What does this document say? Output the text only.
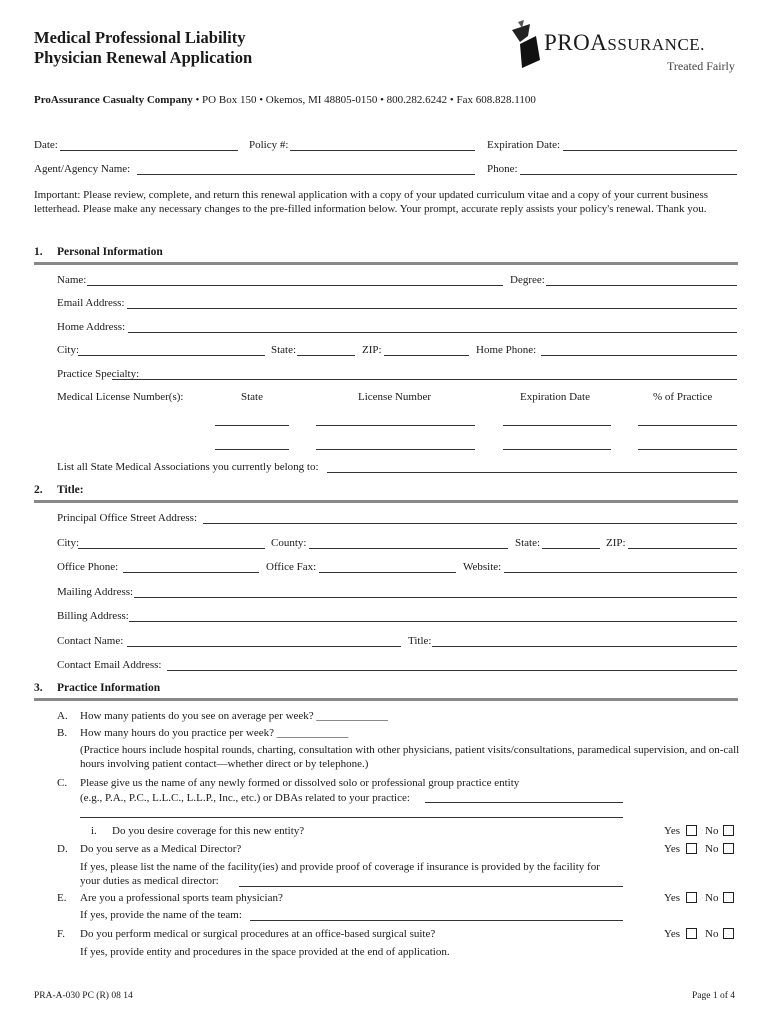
Medical Professional Liability
Physician Renewal Application
PROASSURANCE.
Treated Fairly
ProAssurance Casualty Company • PO Box 150 • Okemos, MI 48805-0150 • 800.282.6242 • Fax 608.828.1100
Date:	Policy #:	Expiration Date:
Agent/Agency Name:	Phone:
Important: Please review, complete, and return this renewal application with a copy of your updated curriculum vitae and a copy of your current business letterhead. Please make any necessary changes to the pre-filled information below. Your prompt, accurate reply assists your policy's renewal. Thank you.
1. Personal Information
Name:	Degree:
Email Address:
Home Address:
City:	State:	ZIP:	Home Phone:
Practice Specialty:
Medical License Number(s):	State	License Number	Expiration Date	% of Practice
List all State Medical Associations you currently belong to:
2. Title:
Principal Office Street Address:
City:	County:	State:	ZIP:
Office Phone:	Office Fax:	Website:
Mailing Address:
Billing Address:
Contact Name:	Title:
Contact Email Address:
3. Practice Information
A. How many patients do you see on average per week? _____________
B. How many hours do you practice per week? _____________
(Practice hours include hospital rounds, charting, consultation with other physicians, patient visits/consultations, paramedical supervision, and on-call hours involving patient contact—whether direct or by telephone.)
C. Please give us the name of any newly formed or dissolved solo or professional group practice entity
(e.g., P.A., P.C., L.L.C., L.L.P., Inc., etc.) or DBAs related to your practice:
i. Do you desire coverage for this new entity?	Yes No
D. Do you serve as a Medical Director?	Yes No
If yes, please list the name of the facility(ies) and provide proof of coverage if insurance is provided by the facility for
your duties as medical director:
E. Are you a professional sports team physician?	Yes No
If yes, provide the name of the team:
F. Do you perform medical or surgical procedures at an office-based surgical suite?	Yes No
If yes, provide entity and procedures in the space provided at the end of application.
PRA-A-030 PC (R) 08 14	Page 1 of 4
